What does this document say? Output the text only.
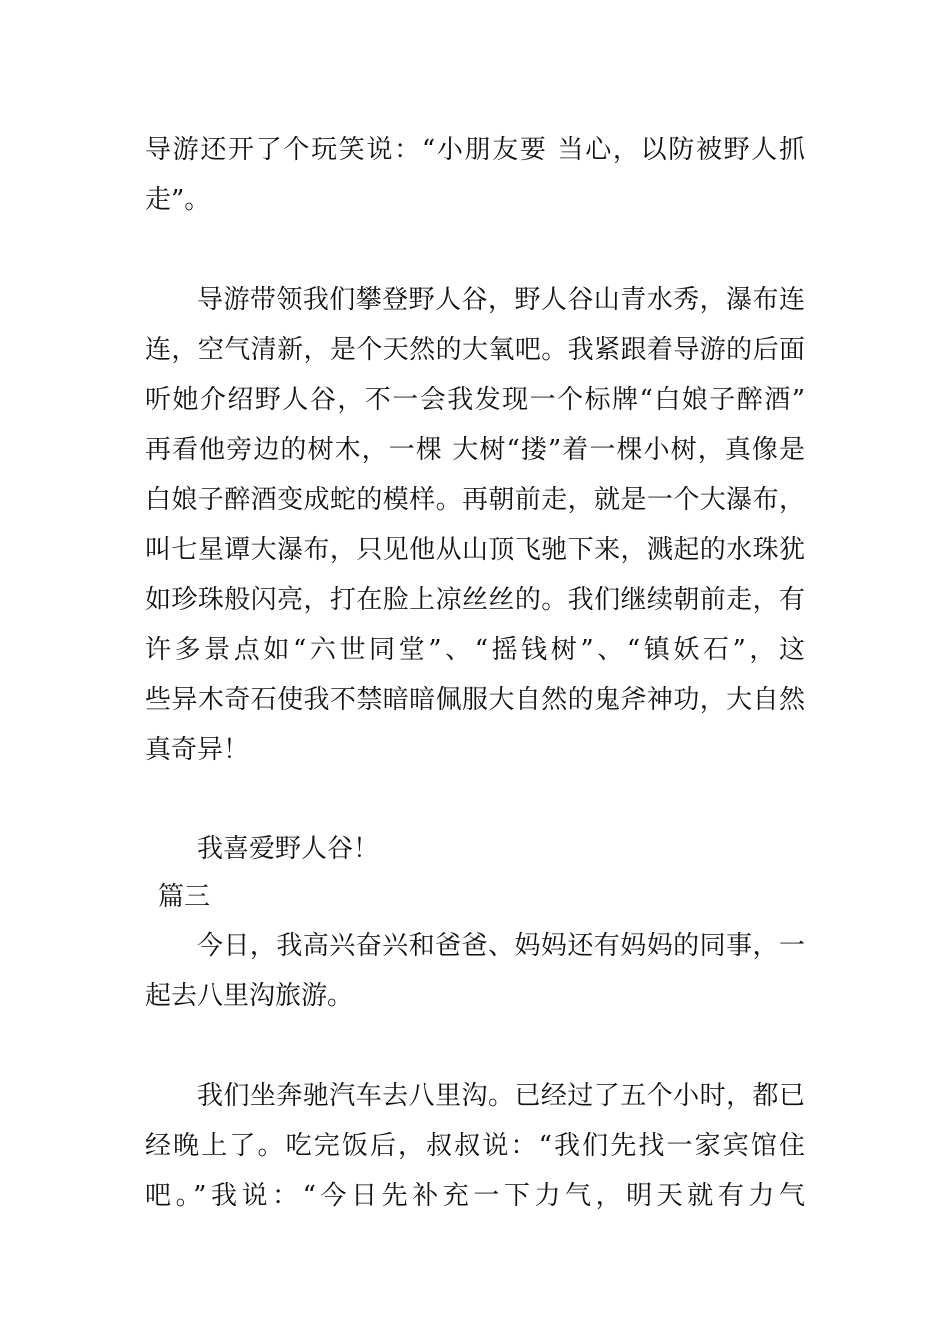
导游还开了个玩笑说：“小朋友要 当心，以防被野人抓
走”。
导游带领我们攀登野人谷，野人谷山青水秀，瀑布连
连，空气清新，是个天然的大氧吧。我紧跟着导游的后面
听她介绍野人谷，不一会我发现一个标牌“白娘子醉酒”
再看他旁边的树木，一棵 大树“搂”着一棵小树，真像是
白娘子醉酒变成蛇的模样。再朝前走，就是一个大瀑布，
叫七星谭大瀑布，只见他从山顶飞驰下来，溅起的水珠犹
如珍珠般闪亮，打在脸上凉丝丝的。我们继续朝前走，有
许多景点如“六世同堂”、“摇钱树”、“镇妖石”，这
些异木奇石使我不禁暗暗佩服大自然的鬼斧神功，大自然
真奇异！
我喜爱野人谷！
篇三
今日，我高兴奋兴和爸爸、妈妈还有妈妈的同事，一
起去八里沟旅游。
我们坐奔驰汽车去八里沟。已经过了五个小时，都已
经晚上了。吃完饭后，叔叔说：“我们先找一家宾馆住
吧。”我说：“今日先补充一下力气，明天就有力气
